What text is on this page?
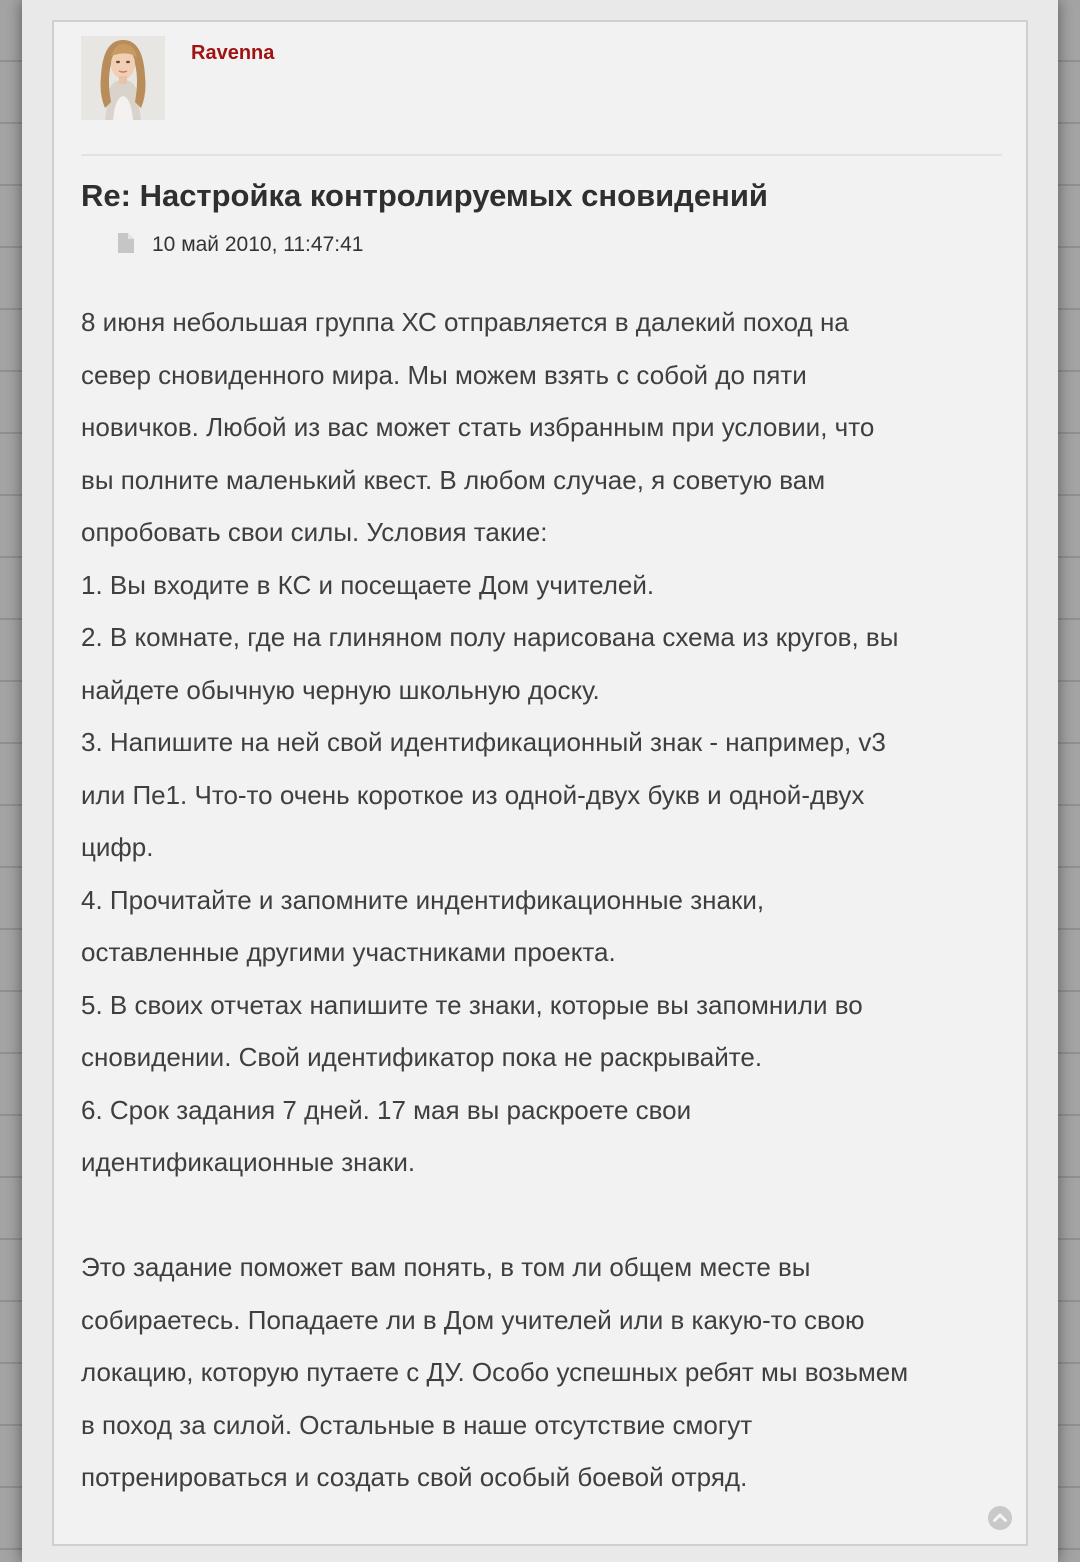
Ravenna
Re: Настройка контролируемых сновидений
10 май 2010, 11:47:41

8 июня небольшая группа ХС отправляется в далекий поход на

север сновиденного мира. Мы можем взять с собой до пяти

новичков. Любой из вас может стать избранным при условии, что

вы полните маленький квест. В любом случае, я советую вам

опробовать свои силы. Условия такие:

1. Вы входите в КС и посещаете Дом учителей.

2. В комнате, где на глиняном полу нарисована схема из кругов, вы

найдете обычную черную школьную доску.

3. Напишите на ней свой идентификационный знак - например, v3

или Пе1. Что-то очень короткое из одной-двух букв и одной-двух

цифр.

4. Прочитайте и запомните индентификационные знаки,

оставленные другими участниками проекта.

5. В своих отчетах напишите те знаки, которые вы запомнили во

сновидении. Свой идентификатор пока не раскрывайте.

6. Срок задания 7 дней. 17 мая вы раскроете свои

идентификационные знаки.

Это задание поможет вам понять, в том ли общем месте вы

собираетесь. Попадаете ли в Дом учителей или в какую-то свою

локацию, которую путаете с ДУ. Особо успешных ребят мы возьмем

в поход за силой. Остальные в наше отсутствие смогут

потренироваться и создать свой особый боевой отряд.
